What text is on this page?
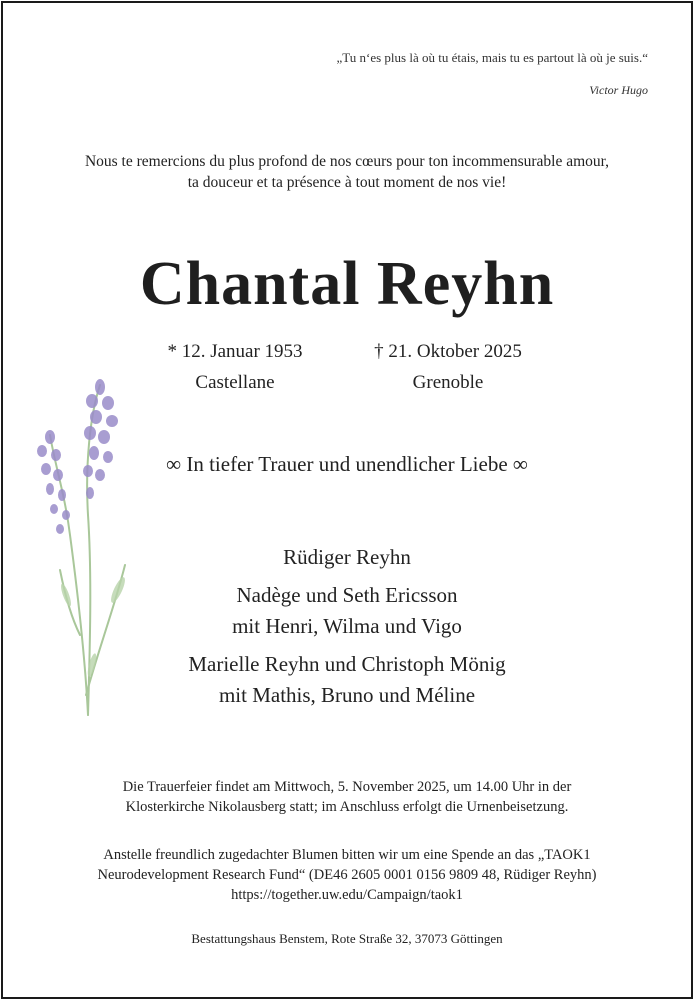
„Tu n‘es plus là où tu étais, mais tu es partout là où je suis.“
Victor Hugo
Nous te remercions du plus profond de nos cœurs pour ton incommensurable amour,
ta douceur et ta présence à tout moment de nos vie!
Chantal Reyhn
* 12. Januar 1953
Castellane
† 21. Oktober 2025
Grenoble
∞ In tiefer Trauer und unendlicher Liebe ∞
Rüdiger Reyhn
Nadège und Seth Ericsson
mit Henri, Wilma und Vigo
Marielle Reyhn und Christoph Mönig
mit Mathis, Bruno und Méline
Die Trauerfeier findet am Mittwoch, 5. November 2025, um 14.00 Uhr in der
Klosterkirche Nikolausberg statt; im Anschluss erfolgt die Urnenbeisetzung.
Anstelle freundlich zugedachter Blumen bitten wir um eine Spende an das „TAOK1
Neurodevelopment Research Fund“ (DE46 2605 0001 0156 9809 48, Rüdiger Reyhn)
https://together.uw.edu/Campaign/taok1
Bestattungshaus Benstem, Rote Straße 32, 37073 Göttingen
